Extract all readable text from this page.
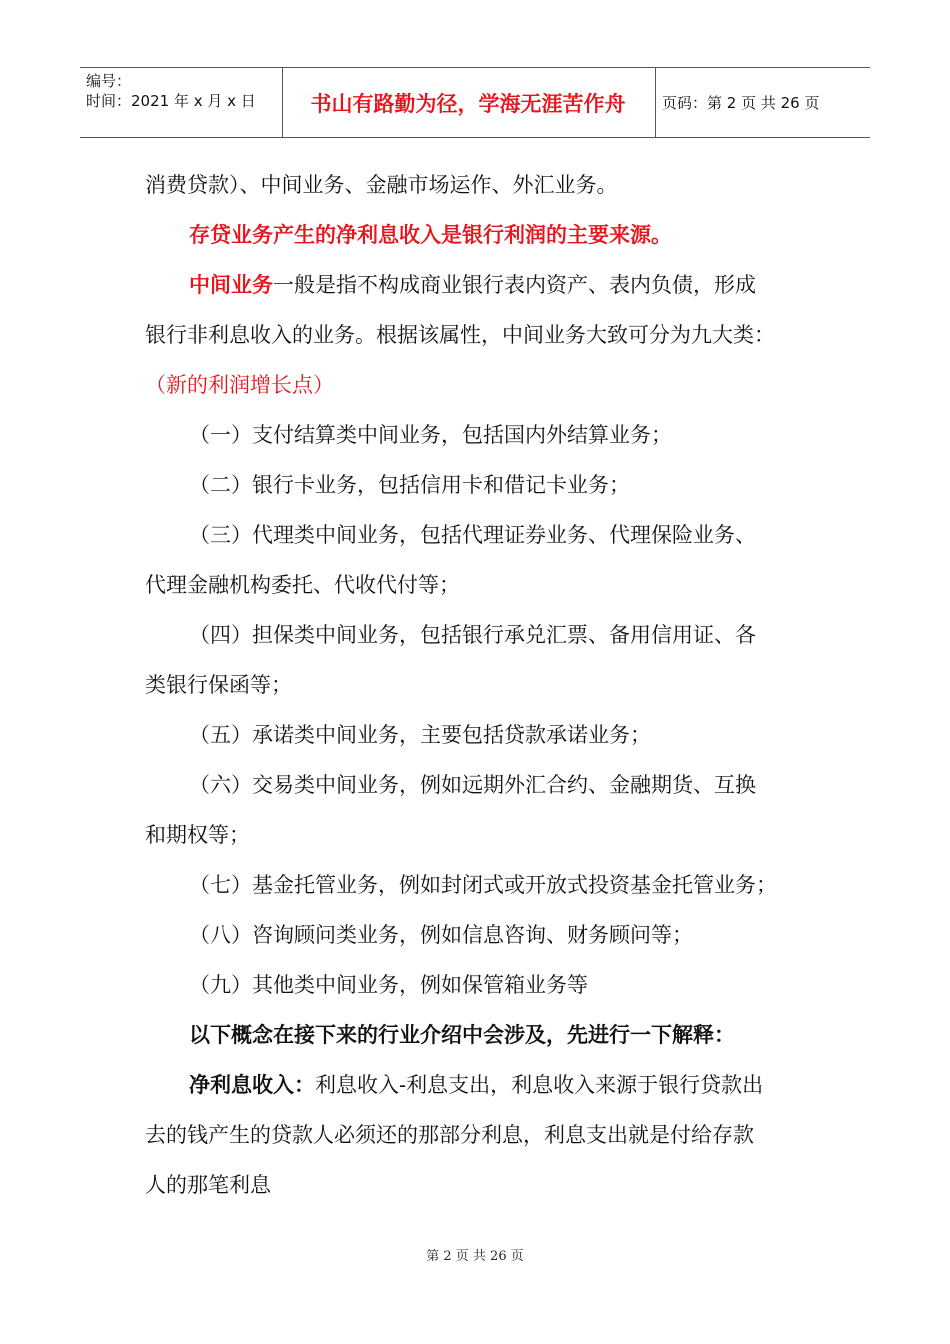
编号：
时间：2021 年 x 月 x 日	书山有路勤为径，学海无涯苦作舟	页码：第 2 页 共 26 页
消费贷款）、中间业务、金融市场运作、外汇业务。
存贷业务产生的净利息收入是银行利润的主要来源。
中间业务一般是指不构成商业银行表内资产、表内负债，形成
银行非利息收入的业务。根据该属性，中间业务大致可分为九大类：
（新的利润增长点）
（一）支付结算类中间业务，包括国内外结算业务；
（二）银行卡业务，包括信用卡和借记卡业务；
（三）代理类中间业务，包括代理证券业务、代理保险业务、
代理金融机构委托、代收代付等；
（四）担保类中间业务，包括银行承兑汇票、备用信用证、各
类银行保函等；
（五）承诺类中间业务，主要包括贷款承诺业务；
（六）交易类中间业务，例如远期外汇合约、金融期货、互换
和期权等；
（七）基金托管业务，例如封闭式或开放式投资基金托管业务；
（八）咨询顾问类业务，例如信息咨询、财务顾问等；
（九）其他类中间业务，例如保管箱业务等
以下概念在接下来的行业介绍中会涉及，先进行一下解释：
净利息收入：利息收入-利息支出，利息收入来源于银行贷款出
去的钱产生的贷款人必须还的那部分利息，利息支出就是付给存款
人的那笔利息
第 2 页 共 26 页
